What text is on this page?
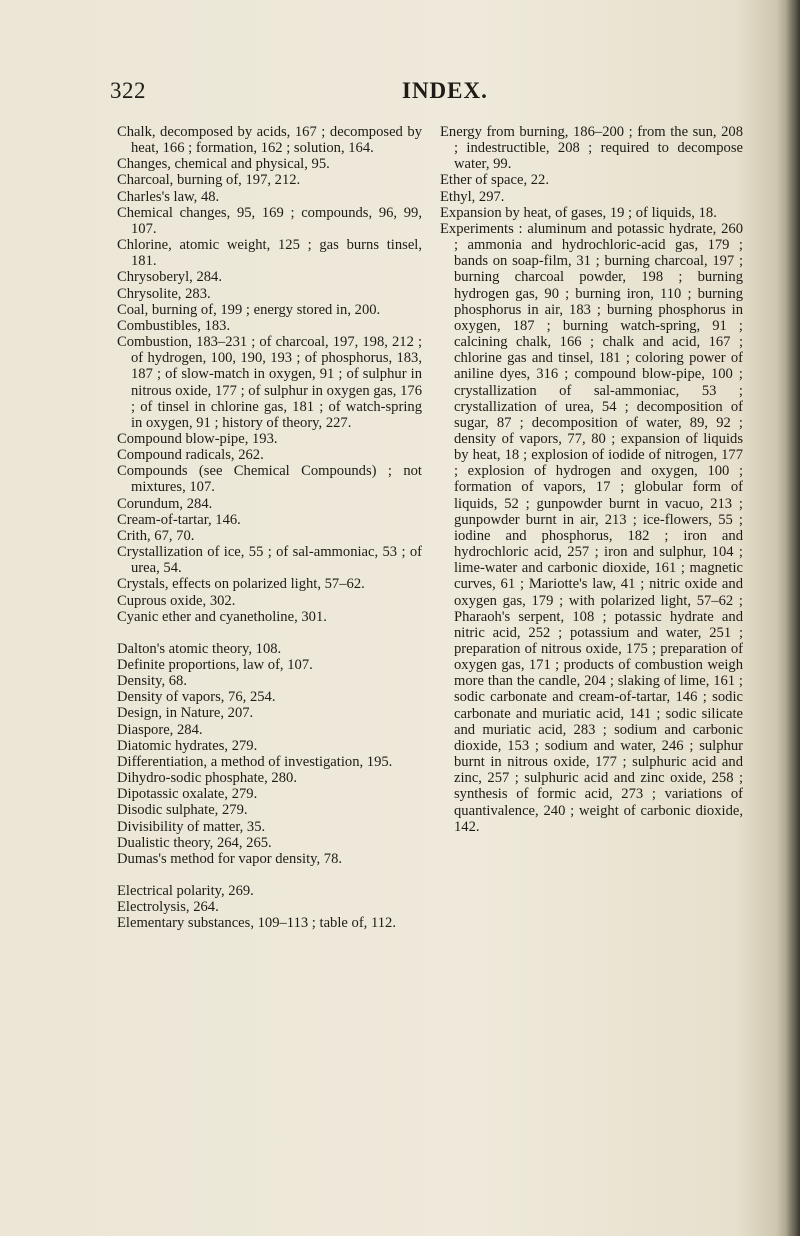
322	INDEX.

Chalk, decomposed by acids, 167 ; decomposed by heat, 166 ; formation, 162 ; solution, 164.

Changes, chemical and physical, 95.

Charcoal, burning of, 197, 212.

Charles's law, 48.

Chemical changes, 95, 169 ; compounds, 96, 99, 107.

Chlorine, atomic weight, 125 ; gas burns tinsel, 181.

Chrysoberyl, 284.

Chrysolite, 283.

Coal, burning of, 199 ; energy stored in, 200.

Combustibles, 183.

Combustion, 183–231 ; of charcoal, 197, 198, 212 ; of hydrogen, 100, 190, 193 ; of phosphorus, 183, 187 ; of slow-match in oxygen, 91 ; of sulphur in nitrous oxide, 177 ; of sulphur in oxygen gas, 176 ; of tinsel in chlorine gas, 181 ; of watch-spring in oxygen, 91 ; history of theory, 227.

Compound blow-pipe, 193.

Compound radicals, 262.

Compounds (see Chemical Compounds) ; not mixtures, 107.

Corundum, 284.

Cream-of-tartar, 146.

Crith, 67, 70.

Crystallization of ice, 55 ; of sal-ammoniac, 53 ; of urea, 54.

Crystals, effects on polarized light, 57–62.

Cuprous oxide, 302.

Cyanic ether and cyanetholine, 301.

Dalton's atomic theory, 108.

Definite proportions, law of, 107.

Density, 68.

Density of vapors, 76, 254.

Design, in Nature, 207.

Diaspore, 284.

Diatomic hydrates, 279.

Differentiation, a method of investigation, 195.

Dihydro-sodic phosphate, 280.

Dipotassic oxalate, 279.

Disodic sulphate, 279.

Divisibility of matter, 35.

Dualistic theory, 264, 265.

Dumas's method for vapor density, 78.

Electrical polarity, 269.

Electrolysis, 264.

Elementary substances, 109–113 ; table of, 112.

Energy from burning, 186–200 ; from the sun, 208 ; indestructible, 208 ; required to decompose water, 99.

Ether of space, 22.

Ethyl, 297.

Expansion by heat, of gases, 19 ; of liquids, 18.

Experiments : aluminum and potassic hydrate, 260 ; ammonia and hydrochloric-acid gas, 179 ; bands on soap-film, 31 ; burning charcoal, 197 ; burning charcoal powder, 198 ; burning hydrogen gas, 90 ; burning iron, 110 ; burning phosphorus in air, 183 ; burning phosphorus in oxygen, 187 ; burning watch-spring, 91 ; calcining chalk, 166 ; chalk and acid, 167 ; chlorine gas and tinsel, 181 ; coloring power of aniline dyes, 316 ; compound blow-pipe, 100 ; crystallization of sal-ammoniac, 53 ; crystallization of urea, 54 ; decomposition of sugar, 87 ; decomposition of water, 89, 92 ; density of vapors, 77, 80 ; expansion of liquids by heat, 18 ; explosion of iodide of nitrogen, 177 ; explosion of hydrogen and oxygen, 100 ; formation of vapors, 17 ; globular form of liquids, 52 ; gunpowder burnt in vacuo, 213 ; gunpowder burnt in air, 213 ; ice-flowers, 55 ; iodine and phosphorus, 182 ; iron and hydrochloric acid, 257 ; iron and sulphur, 104 ; lime-water and carbonic dioxide, 161 ; magnetic curves, 61 ; Mariotte's law, 41 ; nitric oxide and oxygen gas, 179 ; with polarized light, 57–62 ; Pharaoh's serpent, 108 ; potassic hydrate and nitric acid, 252 ; potassium and water, 251 ; preparation of nitrous oxide, 175 ; preparation of oxygen gas, 171 ; products of combustion weigh more than the candle, 204 ; slaking of lime, 161 ; sodic carbonate and cream-of-tartar, 146 ; sodic carbonate and muriatic acid, 141 ; sodic silicate and muriatic acid, 283 ; sodium and carbonic dioxide, 153 ; sodium and water, 246 ; sulphur burnt in nitrous oxide, 177 ; sulphuric acid and zinc, 257 ; sulphuric acid and zinc oxide, 258 ; synthesis of formic acid, 273 ; variations of quantivalence, 240 ; weight of carbonic dioxide, 142.
